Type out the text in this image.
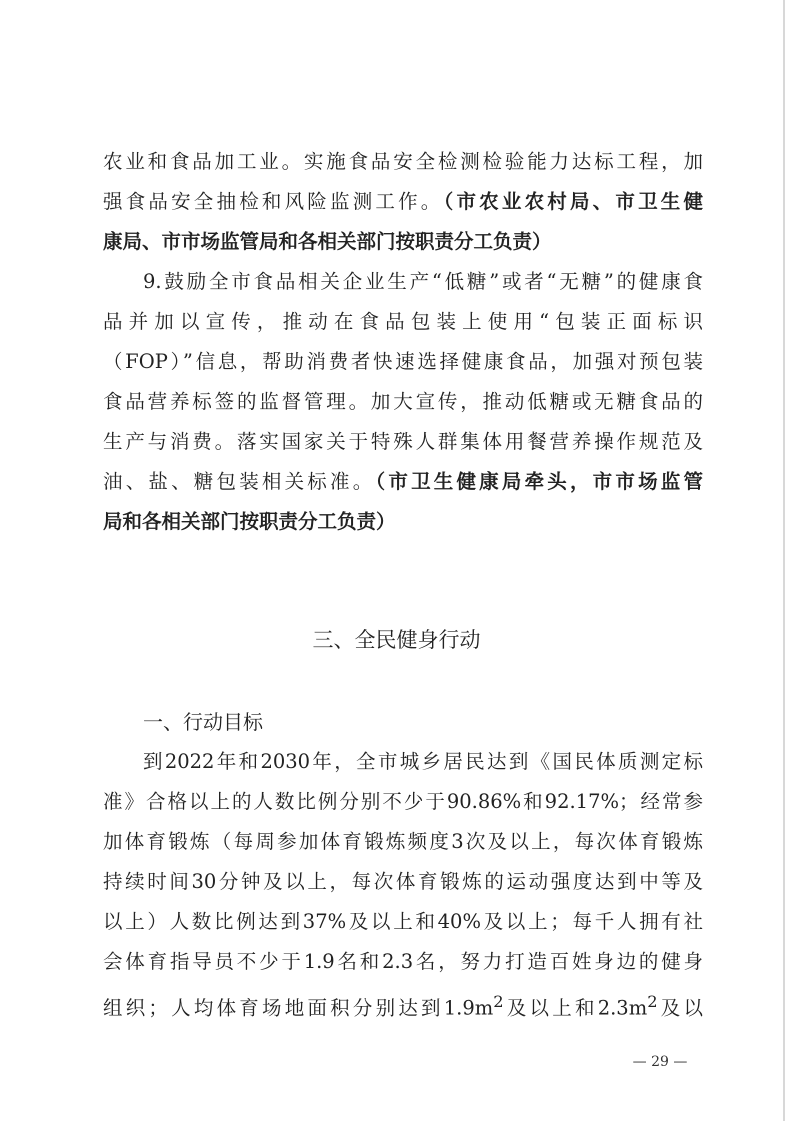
农业和食品加工业。实施食品安全检测检验能力达标工程，加
强食品安全抽检和风险监测工作。（市农业农村局、市卫生健
康局、市市场监管局和各相关部门按职责分工负责）
9.鼓励全市食品相关企业生产“低糖”或者“无糖”的健康食
品并加以宣传，推动在食品包装上使用“包装正面标识
（FOP）”信息，帮助消费者快速选择健康食品，加强对预包装
食品营养标签的监督管理。加大宣传，推动低糖或无糖食品的
生产与消费。落实国家关于特殊人群集体用餐营养操作规范及
油、盐、糖包装相关标准。（市卫生健康局牵头，市市场监管
局和各相关部门按职责分工负责）
三、全民健身行动
一、行动目标
到2022年和2030年，全市城乡居民达到《国民体质测定标
准》合格以上的人数比例分别不少于90.86%和92.17%；经常参
加体育锻炼（每周参加体育锻炼频度3次及以上，每次体育锻炼
持续时间30分钟及以上，每次体育锻炼的运动强度达到中等及
以上）人数比例达到37%及以上和40%及以上；每千人拥有社
会体育指导员不少于1.9名和2.3名，努力打造百姓身边的健身
组织；人均体育场地面积分别达到$1.9m^2$及以上和$2.3m^2$及以
— 29 —
